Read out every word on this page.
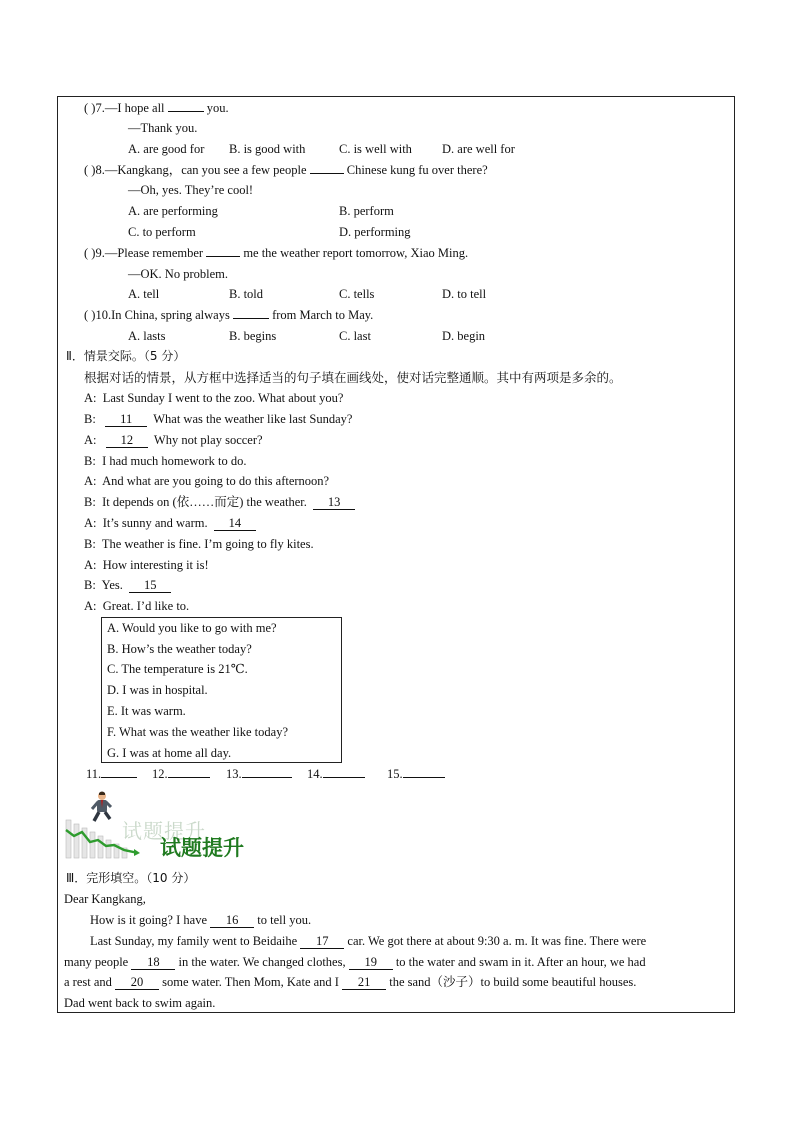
( )7.—I hope all	you.
—Thank you.
A. are good for B. is good with	C. is well with D. are well for
( )8.—Kangkang，can you see a few people	Chinese kung fu over there?
—Oh, yes. They’re cool!
A. are performing	B. perform
C. to perform	D. performing
( )9.—Please remember	me the weather report tomorrow, Xiao Ming.
—OK. No problem.
A. tell	B. told	C. tells	D. to tell
( )10.In China, spring always	from March to May.
A. lasts	B. begins	C. last	D. begin
Ⅱ．情景交际。（5 分）
根据对话的情景，从方框中选择适当的句子填在画线处，使对话完整通顺。其中有两项是多余的。
A: Last Sunday I went to the zoo. What about you?
B: 11 What was the weather like last Sunday?
A: 12 Why not play soccer?
B: I had much homework to do.
A: And what are you going to do this afternoon?
B: It depends on (依……而定) the weather. 13
A: It’s sunny and warm. 14
B: The weather is fine. I’m going to fly kites.
A: How interesting it is!
B: Yes. 15
A: Great. I’d like to.
A. Would you like to go with me?
B. How’s the weather today?
C. The temperature is 21℃.
D. I was in hospital.
E. It was warm.
F. What was the weather like today?
G. I was at home all day.
11.	12.	13.	14.	15.
试题提升
试题提升
Ⅲ．完形填空。（10 分）
Dear Kangkang,
How is it going? I have 16 to tell you.
Last Sunday, my family went to Beidaihe 17 car. We got there at about 9:30 a. m. It was fine. There were
many people 18 in the water. We changed clothes, 19 to the water and swam in it. After an hour, we had
a rest and 20 some water. Then Mom, Kate and I 21 the sand（沙子）to build some beautiful houses.
Dad went back to swim again.
